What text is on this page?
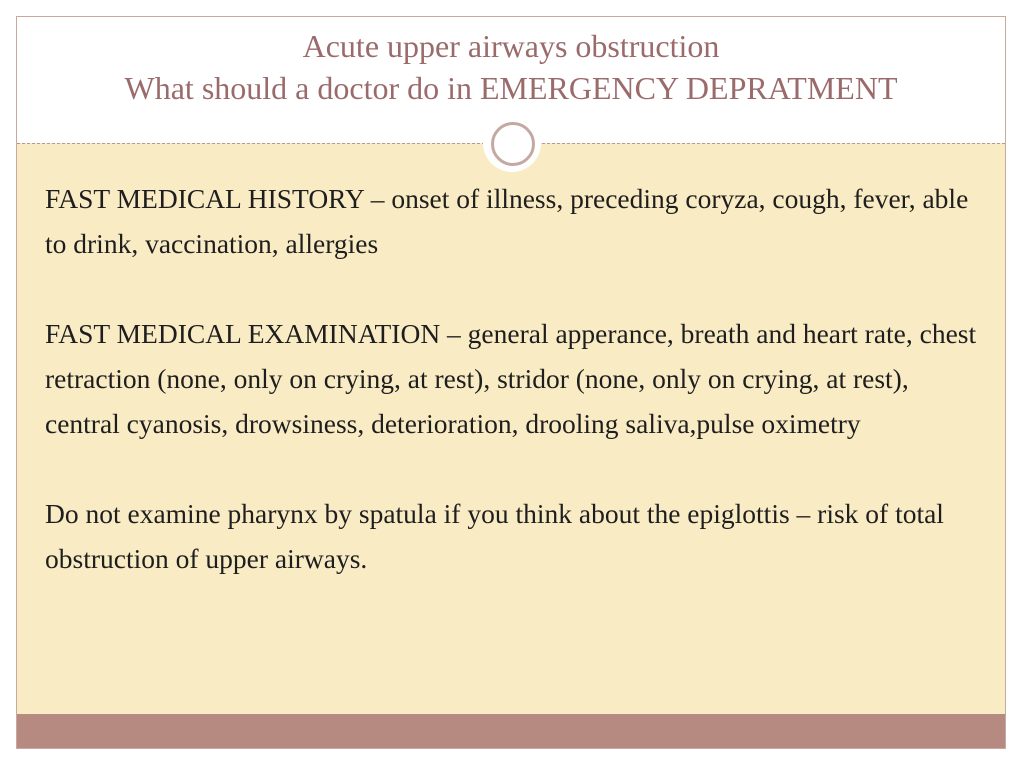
Acute upper airways obstruction
What should a doctor do in EMERGENCY DEPRATMENT

FAST MEDICAL HISTORY – onset of illness, preceding coryza, cough, fever, able to drink, vaccination, allergies

FAST MEDICAL EXAMINATION – general apperance, breath and heart rate, chest retraction (none, only on crying, at rest), stridor (none, only on crying, at rest), central cyanosis, drowsiness, deterioration, drooling saliva,pulse oximetry

Do not examine pharynx by spatula if you think about the epiglottis – risk of total obstruction of upper airways.
